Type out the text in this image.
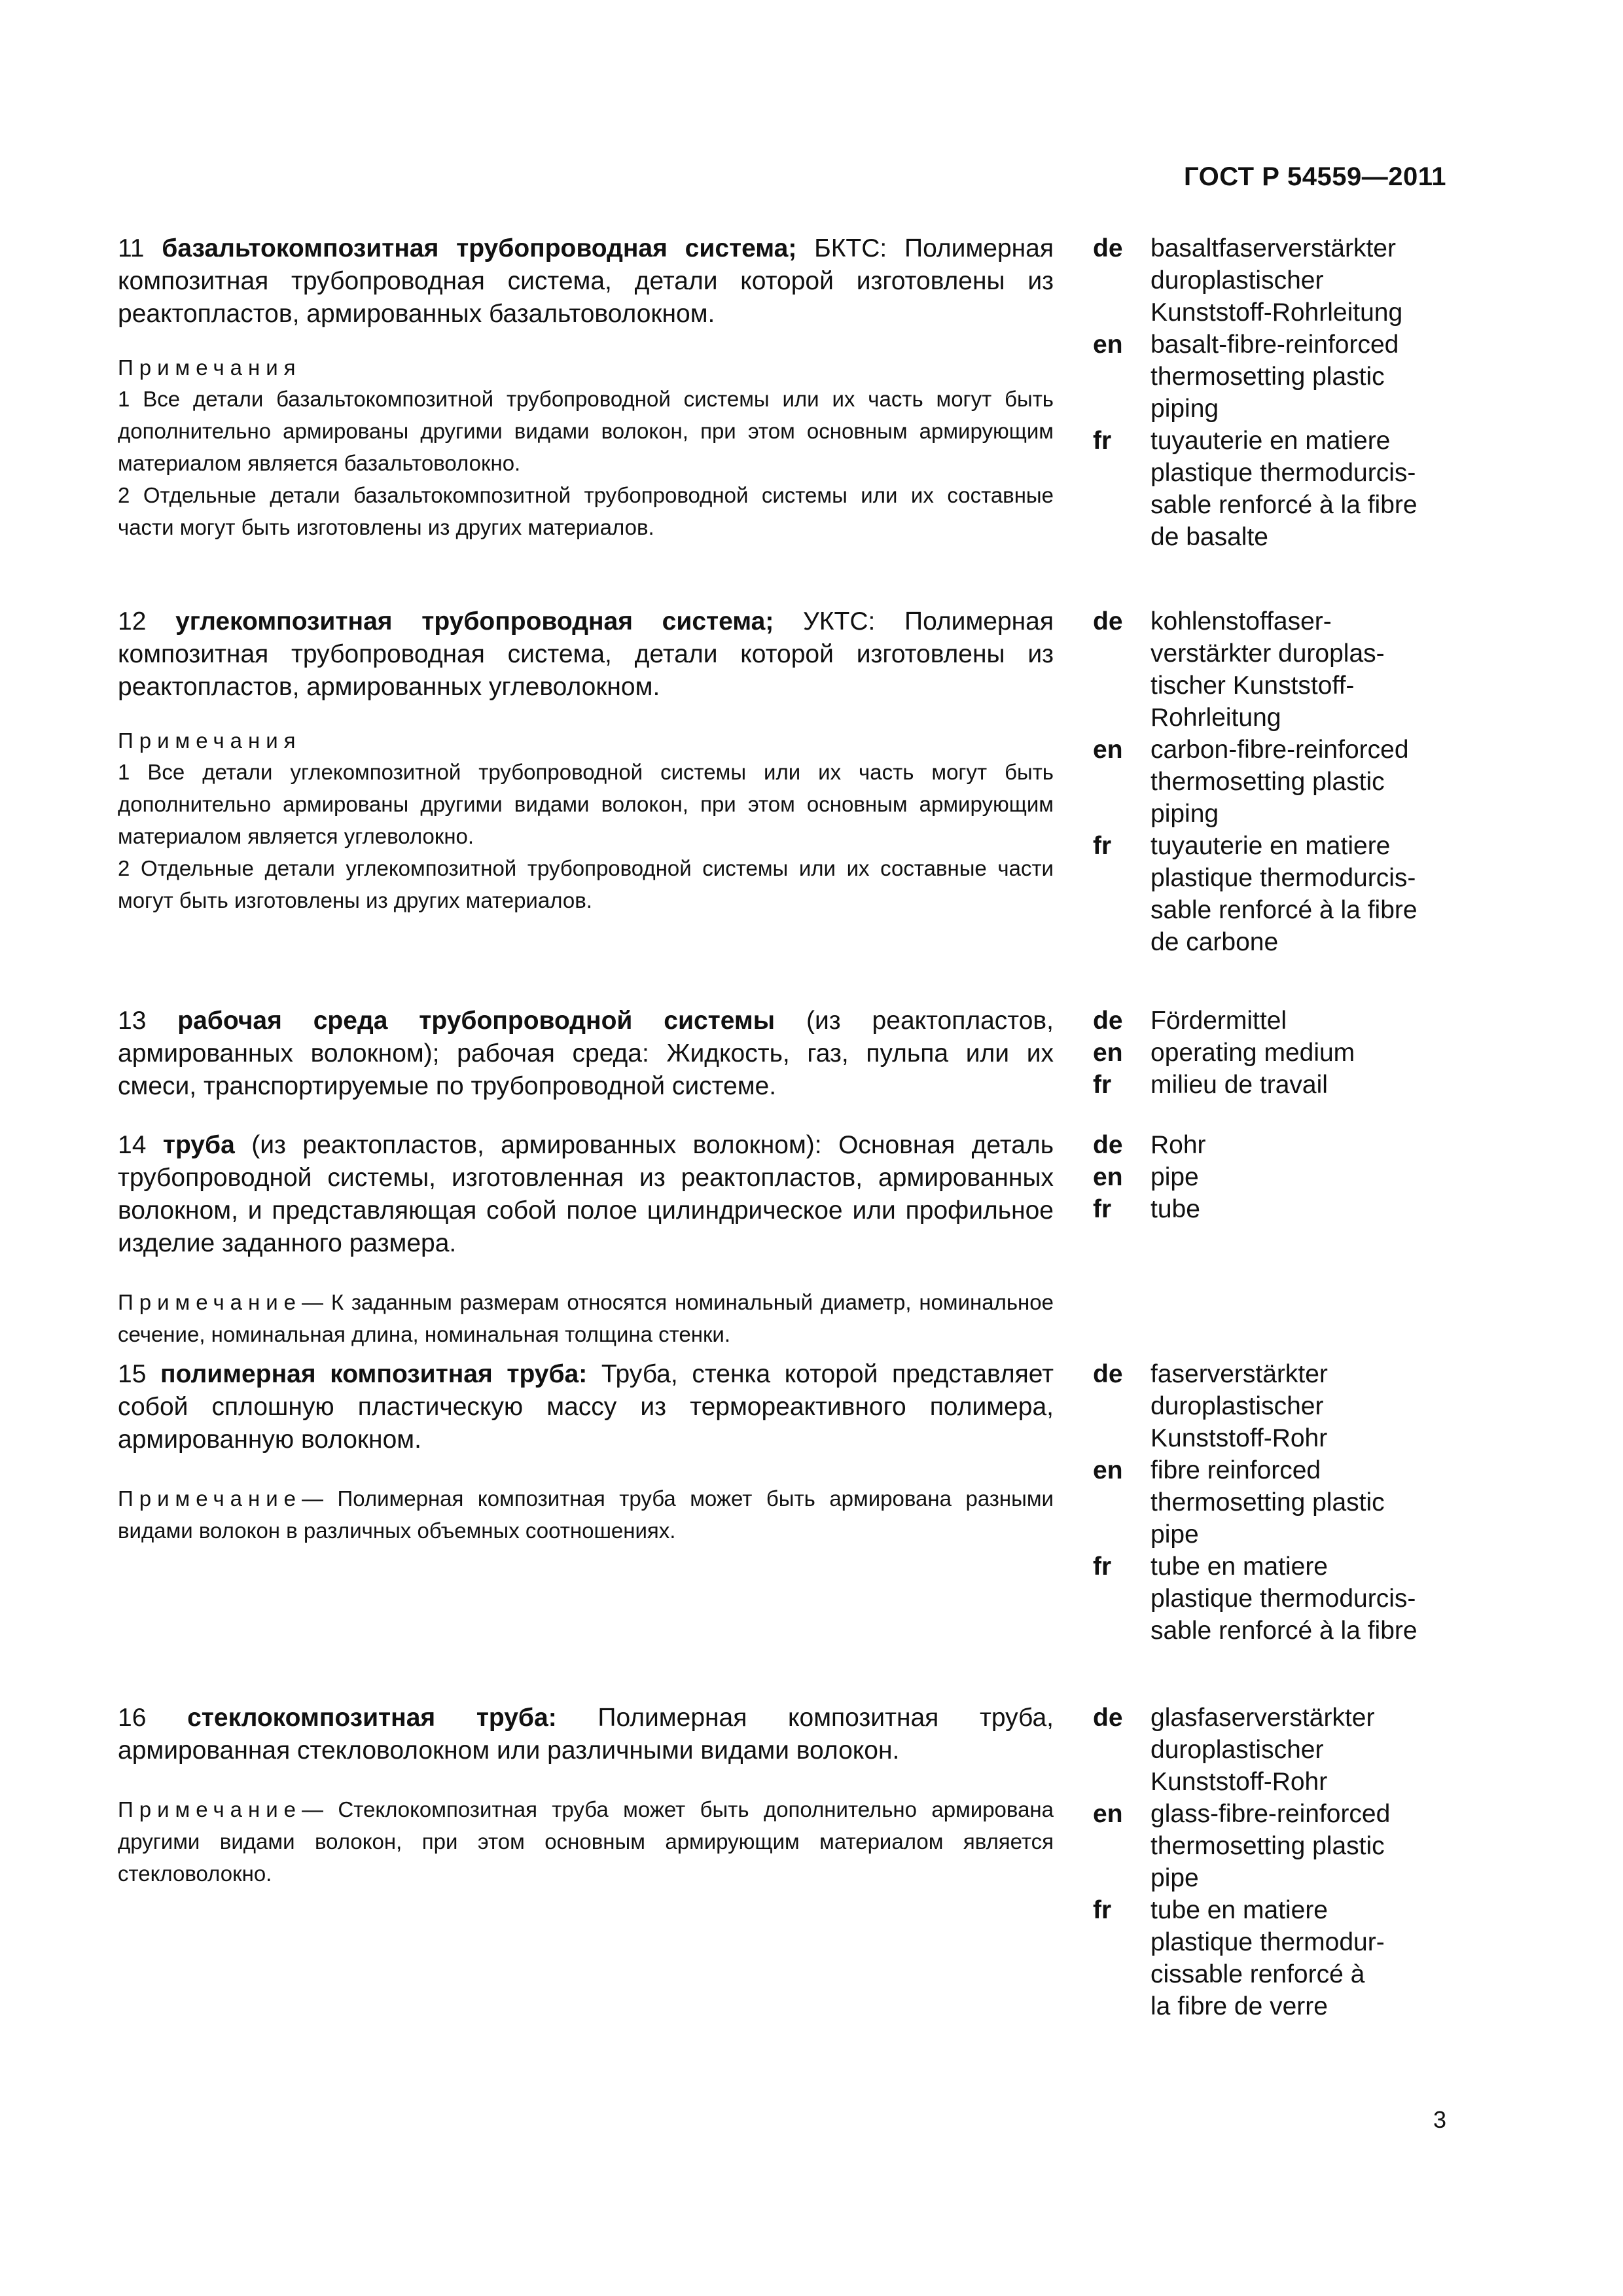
ГОСТ Р 54559—2011

11 базальтокомпозитная трубопроводная система; БКТС: Полимерная композитная трубопроводная система, детали которой изготовлены из реактопластов, армированных базальтоволокном.

Примечания

1 Все детали базальтокомпозитной трубопроводной системы или их часть могут быть дополнительно армированы другими видами волокон, при этом основным армирующим материалом является базальтоволокно.

2 Отдельные детали базальтокомпозитной трубопроводной системы или их составные части могут быть изготовлены из других материалов.

de	basaltfaserverstärkter
duroplastischer
Kunststoff-Rohrleitung
en	basalt-fibre-reinforced
thermosetting plastic
piping
fr	tuyauterie en matiere
plastique thermodurcis-
sable renforcé à la fibre
de basalte

12 углекомпозитная трубопроводная система; УКТС: Полимерная композитная трубопроводная система, детали которой изготовлены из реактопластов, армированных углеволокном.

Примечания

1 Все детали углекомпозитной трубопроводной системы или их часть могут быть дополнительно армированы другими видами волокон, при этом основным армирующим материалом является углеволокно.

2 Отдельные детали углекомпозитной трубопроводной системы или их составные части могут быть изготовлены из других материалов.

de	kohlenstoffaser-
verstärkter duroplas-
tischer Kunststoff-
Rohrleitung
en	carbon-fibre-reinforced
thermosetting plastic
piping
fr	tuyauterie en matiere
plastique thermodurcis-
sable renforcé à la fibre
de carbone

13 рабочая среда трубопроводной системы (из реактопластов, армированных волокном); рабочая среда: Жидкость, газ, пульпа или их смеси, транспортируемые по трубопроводной системе.

de	Fördermittel
en	operating medium
fr	milieu de travail

14 труба (из реактопластов, армированных волокном): Основная деталь трубопроводной системы, изготовленная из реактопластов, армированных волокном, и представляющая собой полое цилиндрическое или профильное изделие заданного размера.

Примечание— К заданным размерам относятся номинальный диаметр, номинальное сечение, номинальная длина, номинальная толщина стенки.

de	Rohr
en	pipe
fr	tube

15 полимерная композитная труба: Труба, стенка которой представляет собой сплошную пластическую массу из термореактивного полимера, армированную волокном.

Примечание— Полимерная композитная труба может быть армирована разными видами волокон в различных объемных соотношениях.

de	faserverstärkter
duroplastischer
Kunststoff-Rohr
en	fibre reinforced
thermosetting plastic
pipe
fr	tube en matiere
plastique thermodurcis-
sable renforcé à la fibre

16 стеклокомпозитная труба: Полимерная композитная труба, армированная стекловолокном или различными видами волокон.

Примечание— Стеклокомпозитная труба может быть дополнительно армирована другими видами волокон, при этом основным армирующим материалом является стекловолокно.

de	glasfaserverstärkter
duroplastischer
Kunststoff-Rohr
en	glass-fibre-reinforced
thermosetting plastic
pipe
fr	tube en matiere
plastique thermodur-
cissable renforcé à
la fibre de verre
3
